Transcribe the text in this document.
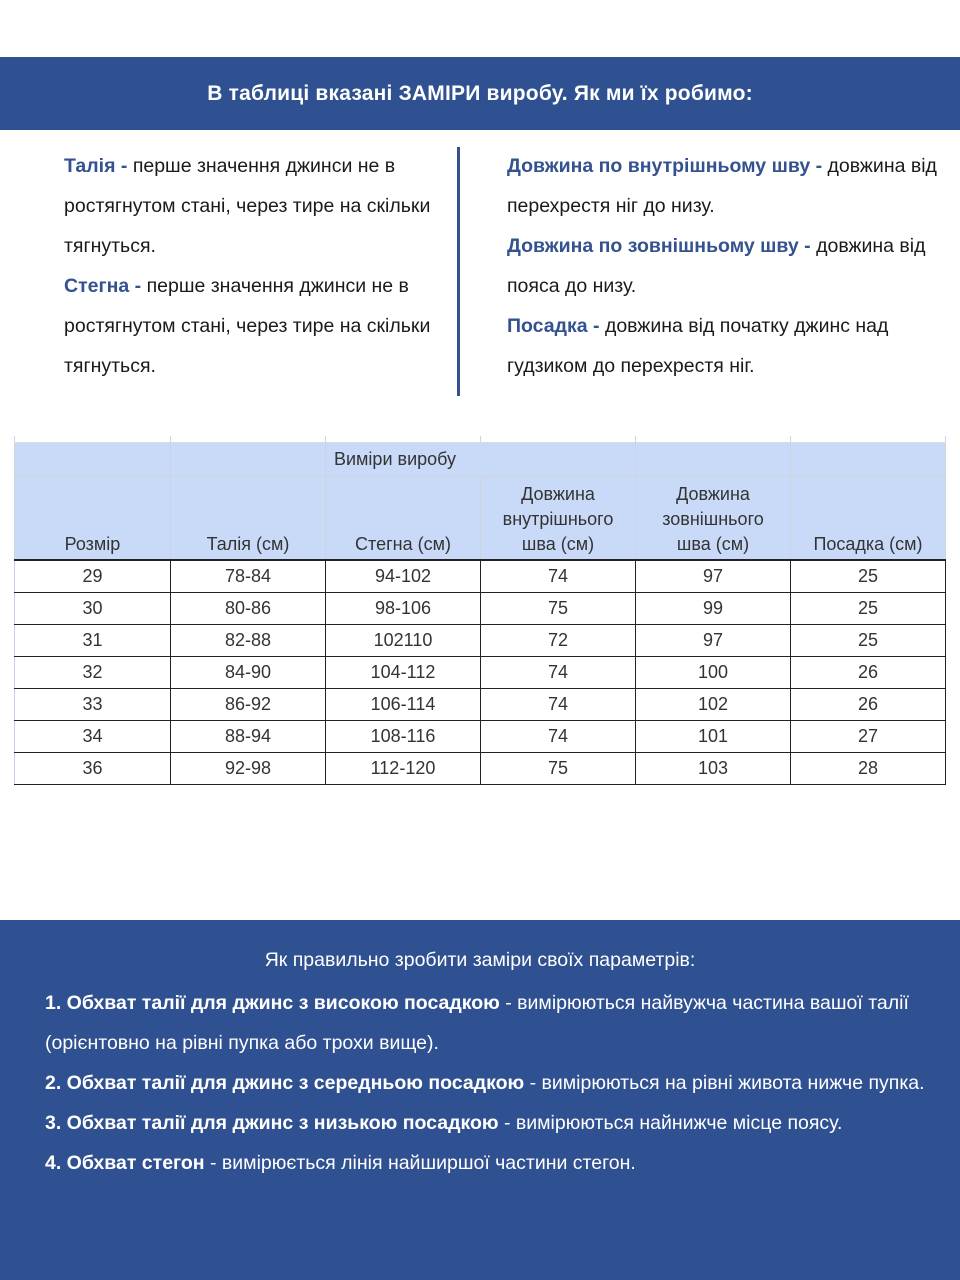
В таблиці вказані ЗАМІРИ виробу. Як ми їх робимо:

Талія - перше значення джинси не в ростягнутом стані, через тире на скільки тягнуться.

Стегна - перше значення джинси не в ростягнутом стані, через тире на скільки тягнуться.

Довжина по внутрішньому шву - довжина від перехрестя ніг до низу.

Довжина по зовнішньому шву - довжина від пояса до низу.

Посадка - довжина від початку джинс над гудзиком до перехрестя ніг.

		Виміри виробу			
Розмір	Талія (см)	Стегна (см)	Довжина внутрішнього шва (см)	Довжина зовнішнього шва (см)	Посадка (см)
29	78-84	94-102	74	97	25
30	80-86	98-106	75	99	25
31	82-88	102110	72	97	25
32	84-90	104-112	74	100	26
33	86-92	106-114	74	102	26
34	88-94	108-116	74	101	27
36	92-98	112-120	75	103	28
Як правильно зробити заміри своїх параметрів:

1. Обхват талії для джинс з високою посадкою - вимірюються найвужча частина вашої талії (орієнтовно на рівні пупка або трохи вище).

2. Обхват талії для джинс з середньою посадкою - вимірюються на рівні живота нижче пупка.

3. Обхват талії для джинс з низькою посадкою - вимірюються найнижче місце поясу.

4. Обхват стегон - вимірюється лінія найширшої частини стегон.
